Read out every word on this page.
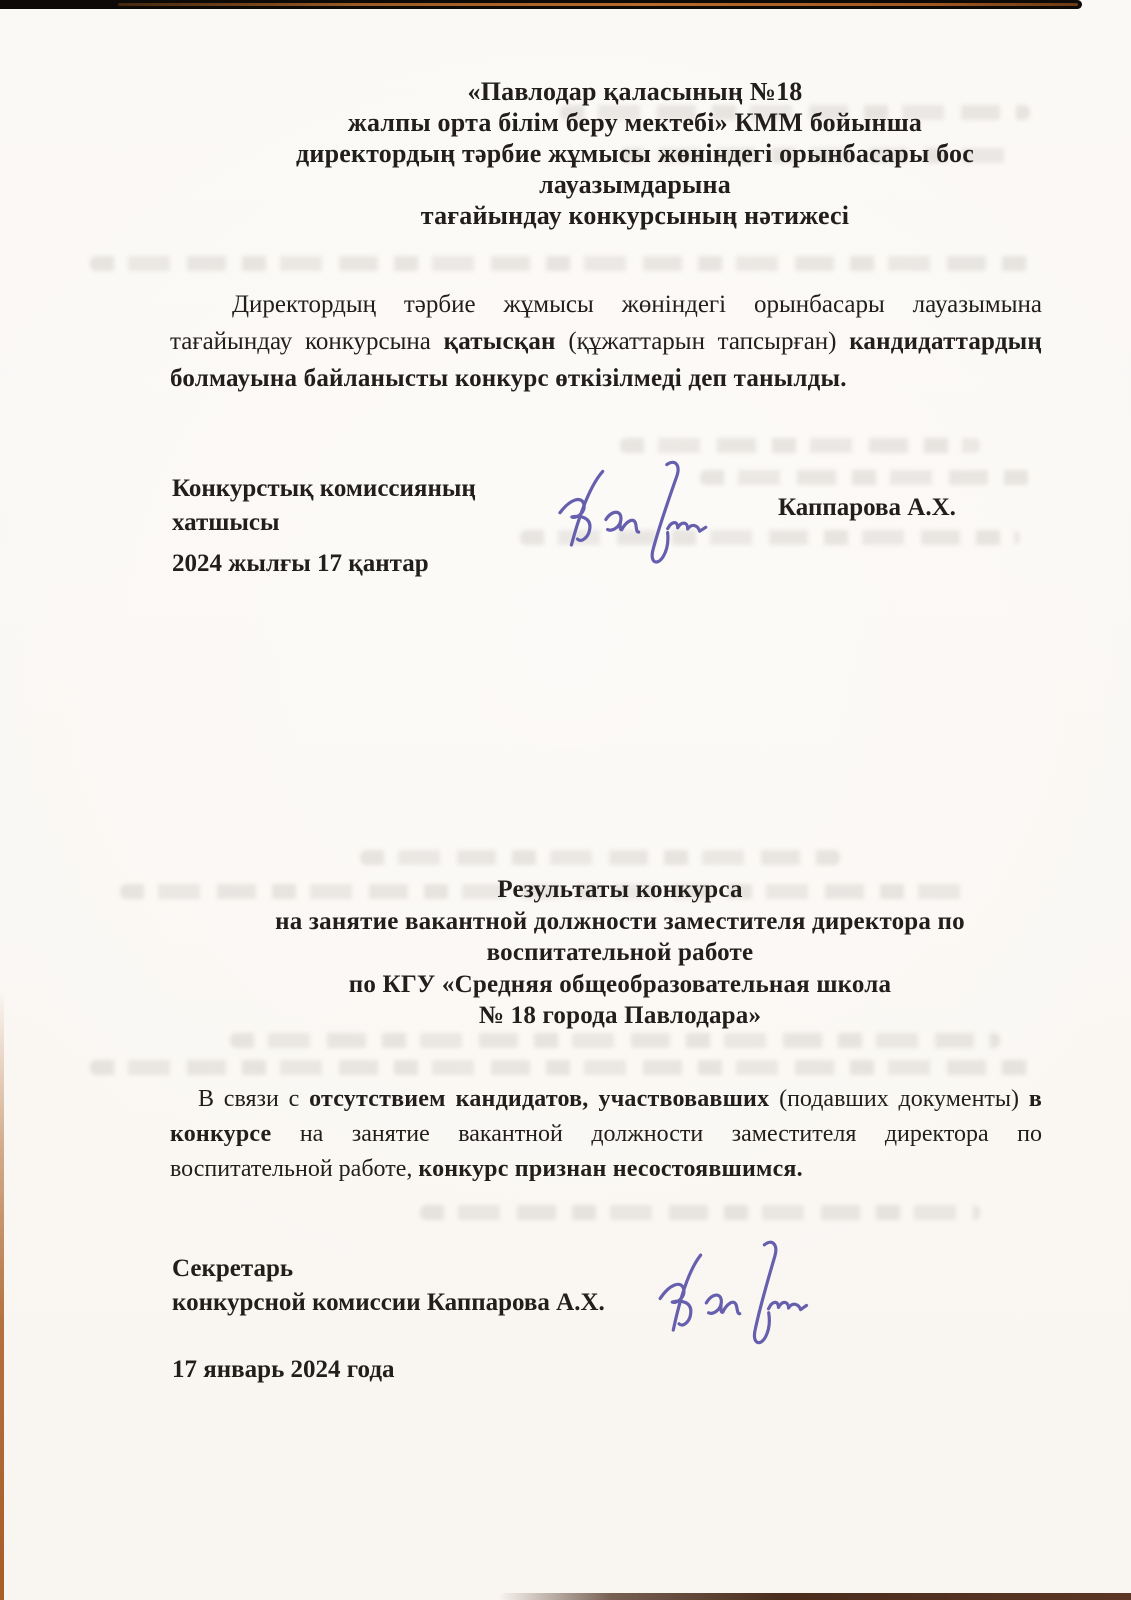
«Павлодар қаласының №18
жалпы орта білім беру мектебі» КММ бойынша
директордың тәрбие жұмысы жөніндегі орынбасары бос
лауазымдарына
тағайындау конкурсының нәтижесі

Директордың тәрбие жұмысы жөніндегі орынбасары лауазымына тағайындау конкурсына қатысқан (құжаттарын тапсырған) кандидаттардың болмауына байланысты конкурс өткізілмеді деп танылды.

Конкурстық комиссияның
хатшысы
Каппарова А.Х.
2024 жылғы 17 қантар
Результаты конкурса
на занятие вакантной должности заместителя директора по
воспитательной работе
по КГУ «Средняя общеобразовательная школа
№ 18 города Павлодара»

В связи с отсутствием кандидатов, участвовавших (подавших документы) в конкурсе на занятие вакантной должности заместителя директора по воспитательной работе, конкурс признан несостоявшимся.

Секретарь
конкурсной комиссии Каппарова А.Х.
17 январь 2024 года
